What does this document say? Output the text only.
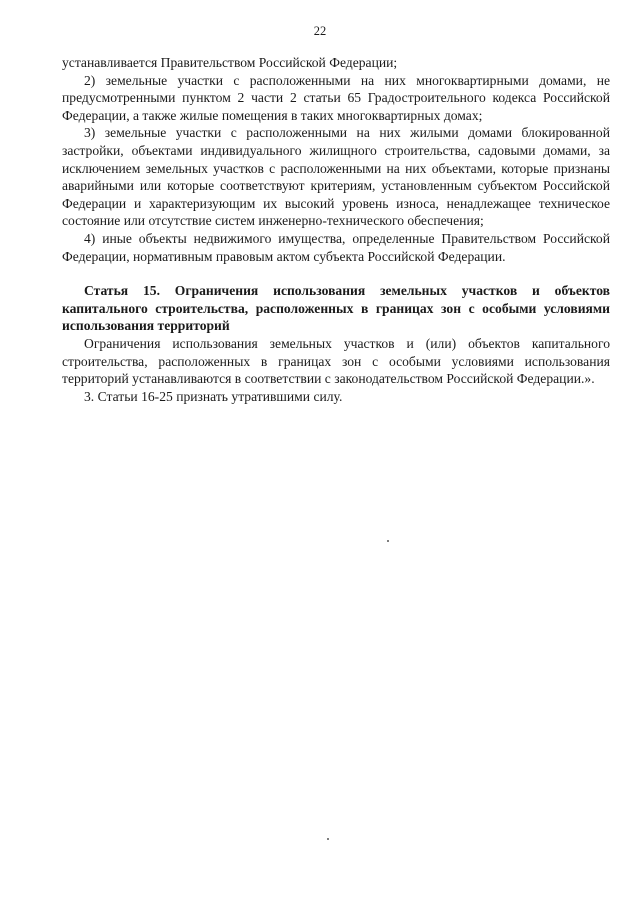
22

устанавливается Правительством Российской Федерации;

2) земельные участки с расположенными на них многоквартирными домами, не предусмотренными пунктом 2 части 2 статьи 65 Градостроительного кодекса Российской Федерации, а также жилые помещения в таких многоквартирных домах;

3) земельные участки с расположенными на них жилыми домами блокированной застройки, объектами индивидуального жилищного строительства, садовыми домами, за исключением земельных участков с расположенными на них объектами, которые признаны аварийными или которые соответствуют критериям, установленным субъектом Российской Федерации и характеризующим их высокий уровень износа, ненадлежащее техническое состояние или отсутствие систем инженерно-технического обеспечения;

4) иные объекты недвижимого имущества, определенные Правительством Российской Федерации, нормативным правовым актом субъекта Российской Федерации.

Статья 15. Ограничения использования земельных участков и объектов капитального строительства, расположенных в границах зон с особыми условиями использования территорий

Ограничения использования земельных участков и (или) объектов капитального строительства, расположенных в границах зон с особыми условиями использования территорий устанавливаются в соответствии с законодательством Российской Федерации.».

3. Статьи 16-25 признать утратившими силу.
